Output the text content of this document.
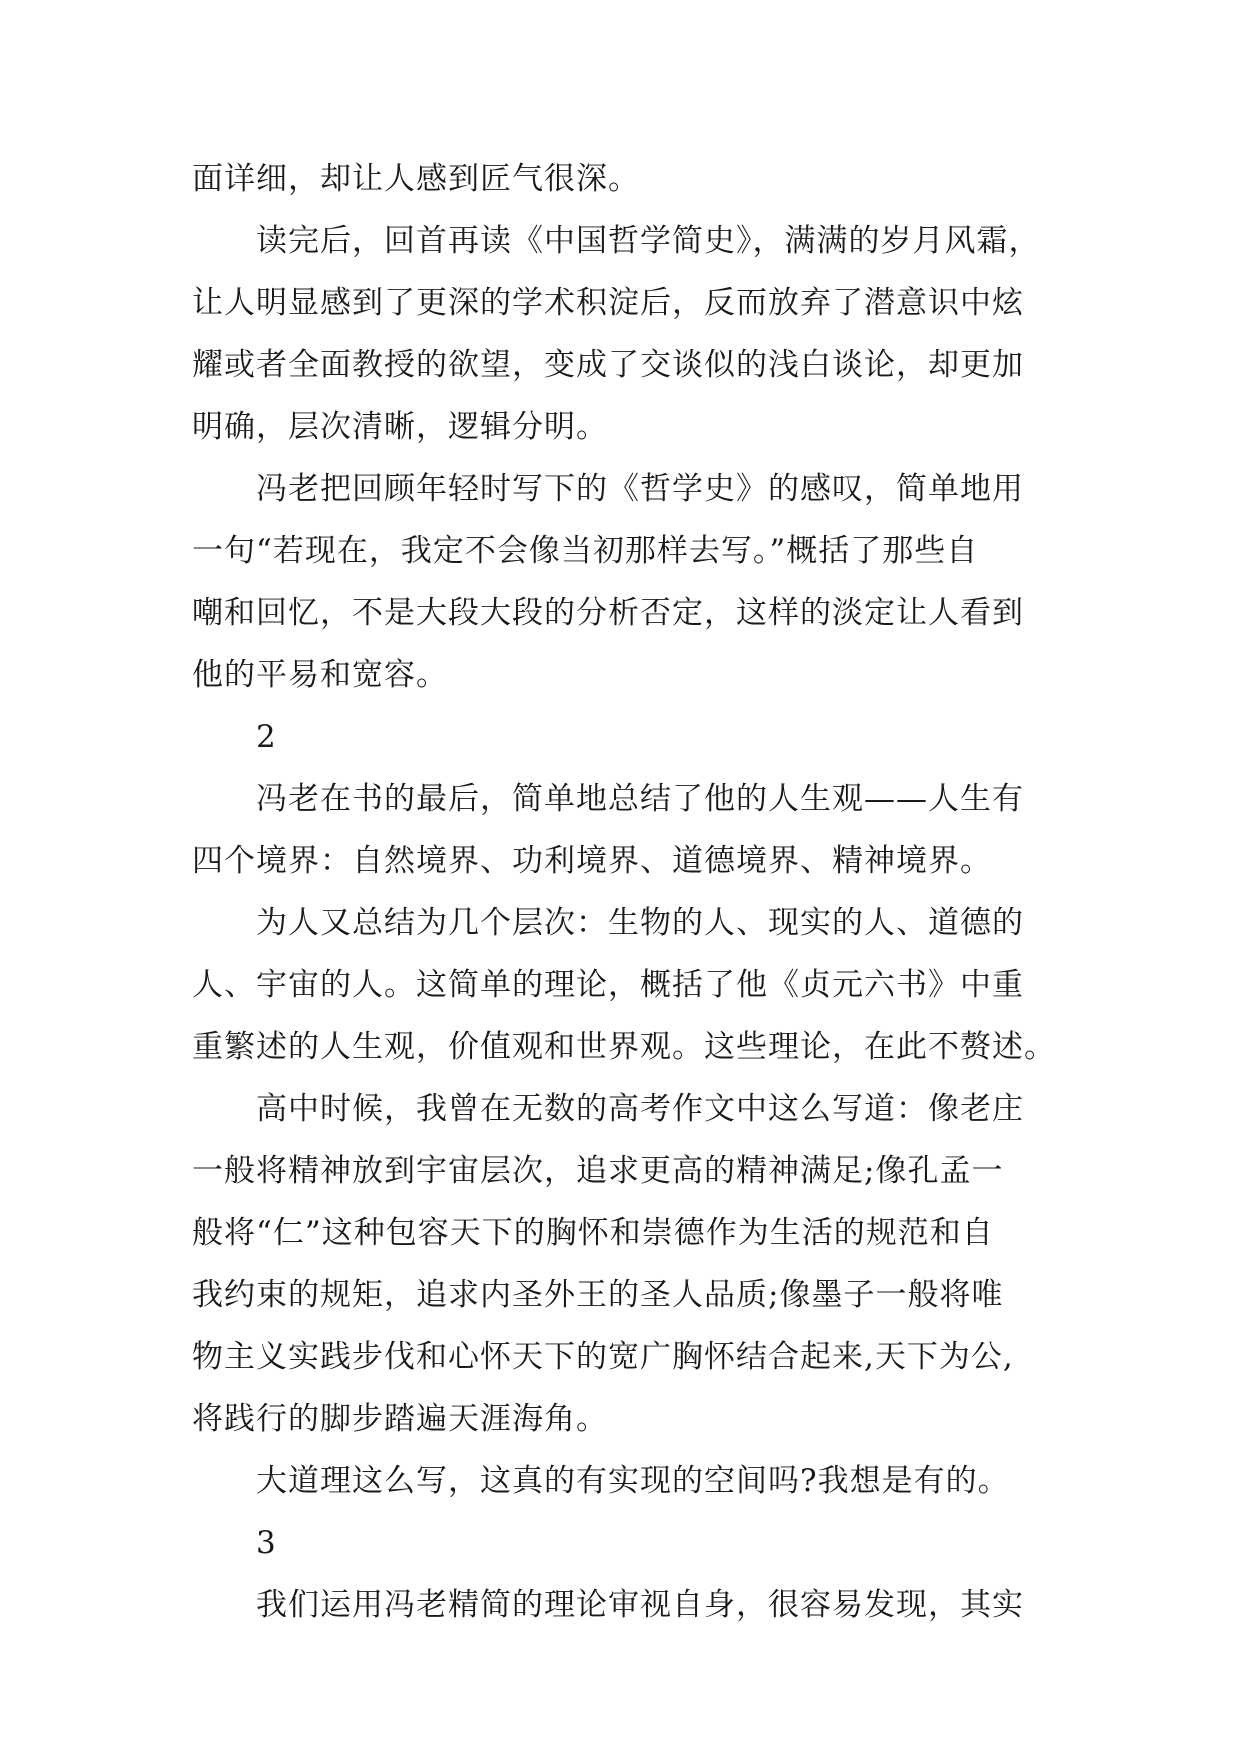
面详细，却让人感到匠气很深。
读完后，回首再读《中国哲学简史》，满满的岁月风霜，
让人明显感到了更深的学术积淀后，反而放弃了潜意识中炫
耀或者全面教授的欲望，变成了交谈似的浅白谈论，却更加
明确，层次清晰，逻辑分明。
冯老把回顾年轻时写下的《哲学史》的感叹，简单地用
一句“若现在，我定不会像当初那样去写。”概括了那些自
嘲和回忆，不是大段大段的分析否定，这样的淡定让人看到
他的平易和宽容。
2
冯老在书的最后，简单地总结了他的人生观——人生有
四个境界：自然境界、功利境界、道德境界、精神境界。
为人又总结为几个层次：生物的人、现实的人、道德的
人、宇宙的人。这简单的理论，概括了他《贞元六书》中重
重繁述的人生观，价值观和世界观。这些理论，在此不赘述。
高中时候，我曾在无数的高考作文中这么写道：像老庄
一般将精神放到宇宙层次，追求更高的精神满足;像孔孟一
般将“仁”这种包容天下的胸怀和崇德作为生活的规范和自
我约束的规矩，追求内圣外王的圣人品质;像墨子一般将唯
物主义实践步伐和心怀天下的宽广胸怀结合起来,天下为公,
将践行的脚步踏遍天涯海角。
大道理这么写，这真的有实现的空间吗?我想是有的。
3
我们运用冯老精简的理论审视自身，很容易发现，其实
